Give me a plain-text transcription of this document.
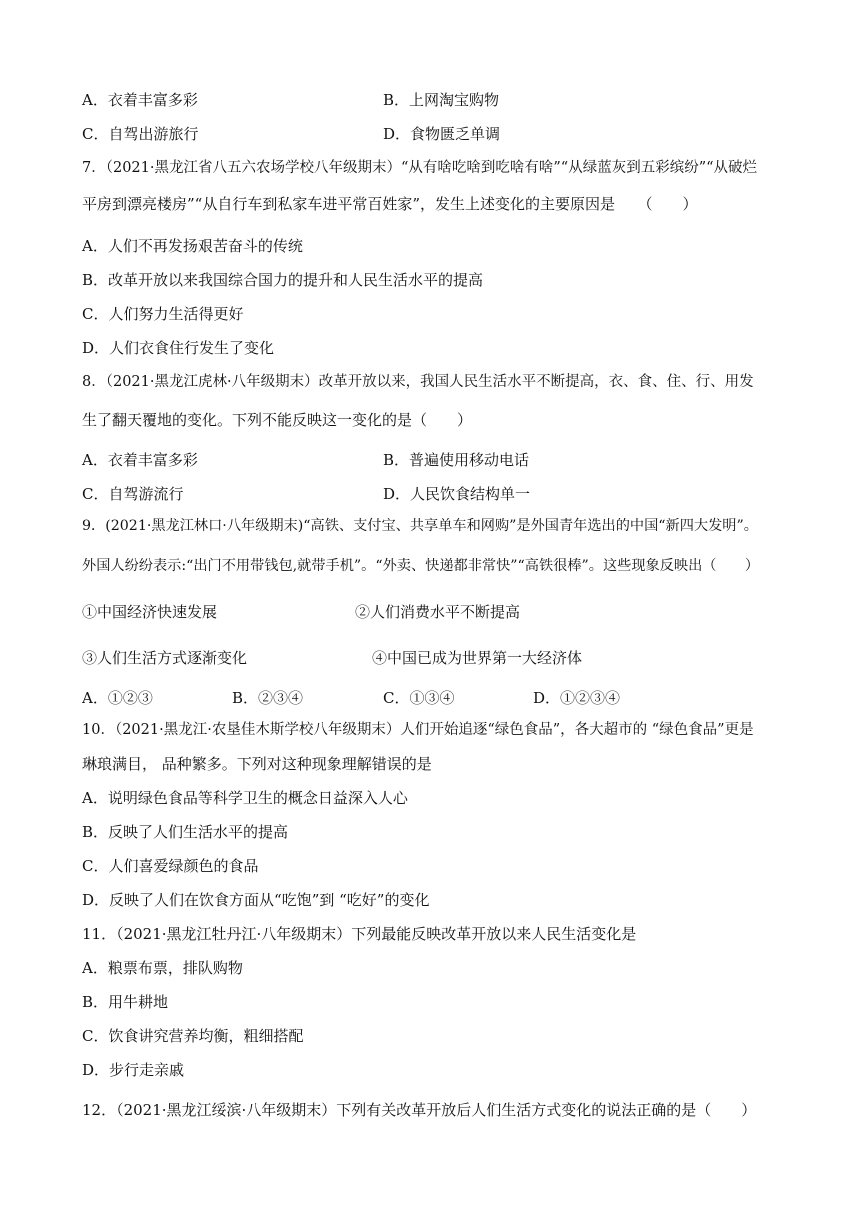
A．衣着丰富多彩	B．上网淘宝购物
C．自驾出游旅行	D．食物匮乏单调
7．（2021·黑龙江省八五六农场学校八年级期末）“从有啥吃啥到吃啥有啥”“从绿蓝灰到五彩缤纷”“从破烂
平房到漂亮楼房”“从自行车到私家车进平常百姓家”，发生上述变化的主要原因是　　（　　）
A．人们不再发扬艰苦奋斗的传统
B．改革开放以来我国综合国力的提升和人民生活水平的提高
C．人们努力生活得更好
D．人们衣食住行发生了变化
8．（2021·黑龙江虎林·八年级期末）改革开放以来，我国人民生活水平不断提高，衣、食、住、行、用发
生了翻天覆地的变化。下列不能反映这一变化的是（　　）
A．衣着丰富多彩	B．普遍使用移动电话
C．自驾游流行	D．人民饮食结构单一
9．(2021·黑龙江林口·八年级期末)“高铁、支付宝、共享单车和网购”是外国青年选出的中国“新四大发明”。
外国人纷纷表示:“出门不用带钱包,就带手机”。“外卖、快递都非常快”“高铁很棒”。这些现象反映出（　　）
①中国经济快速发展	②人们消费水平不断提高
③人们生活方式逐渐变化	④中国已成为世界第一大经济体
A．①②③	B．②③④	C．①③④	D．①②③④
10．（2021·黑龙江·农垦佳木斯学校八年级期末）人们开始追逐“绿色食品”，各大超市的 “绿色食品”更是
琳琅满目， 品种繁多。下列对这种现象理解错误的是
A．说明绿色食品等科学卫生的概念日益深入人心
B．反映了人们生活水平的提高
C．人们喜爱绿颜色的食品
D．反映了人们在饮食方面从“吃饱”到 “吃好”的变化
11．（2021·黑龙江牡丹江·八年级期末）下列最能反映改革开放以来人民生活变化是
A．粮票布票，排队购物
B．用牛耕地
C．饮食讲究营养均衡，粗细搭配
D．步行走亲戚
12．（2021·黑龙江绥滨·八年级期末）下列有关改革开放后人们生活方式变化的说法正确的是（　　）
